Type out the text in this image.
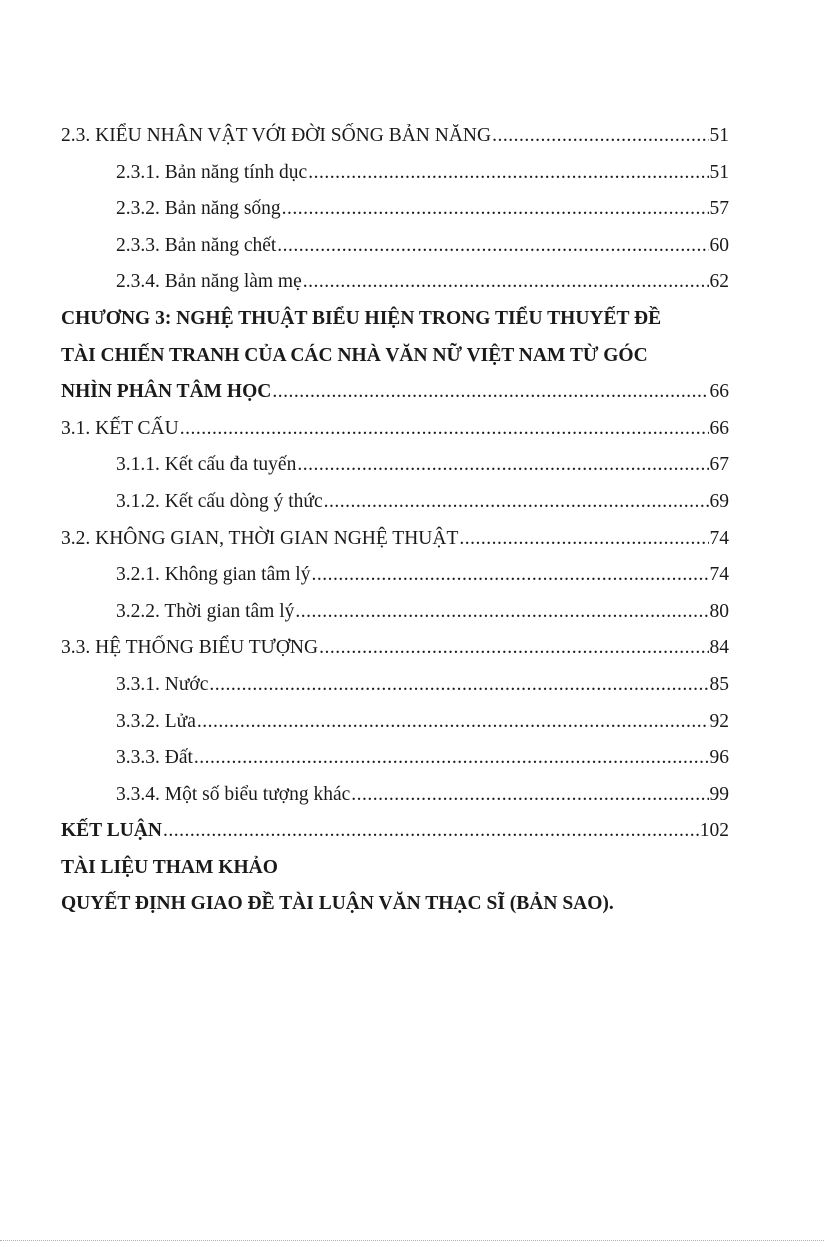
2.3. KIỂU NHÂN VẬT VỚI ĐỜI SỐNG BẢN NĂNG .....	51
2.3.1. Bản năng tính dục .....	51
2.3.2. Bản năng sống .....	57
2.3.3. Bản năng chết .....	60
2.3.4. Bản năng làm mẹ .....	62
CHƯƠNG 3: NGHỆ THUẬT BIỂU HIỆN TRONG TIỂU THUYẾT ĐỀ
TÀI CHIẾN TRANH CỦA CÁC NHÀ VĂN NỮ VIỆT NAM TỪ GÓC
NHÌN PHÂN TÂM HỌC .....	66
3.1. KẾT CẤU .....	66
3.1.1. Kết cấu đa tuyến .....	67
3.1.2. Kết cấu dòng ý thức .....	69
3.2. KHÔNG GIAN, THỜI GIAN NGHỆ THUẬT .....	74
3.2.1. Không gian tâm lý .....	74
3.2.2. Thời gian tâm lý .....	80
3.3. HỆ THỐNG BIỂU TƯỢNG .....	84
3.3.1. Nước .....	85
3.3.2. Lửa .....	92
3.3.3. Đất .....	96
3.3.4. Một số biểu tượng khác .....	99
KẾT LUẬN .....	102
TÀI LIỆU THAM KHẢO
QUYẾT ĐỊNH GIAO ĐỀ TÀI LUẬN VĂN THẠC SĨ (BẢN SAO).
